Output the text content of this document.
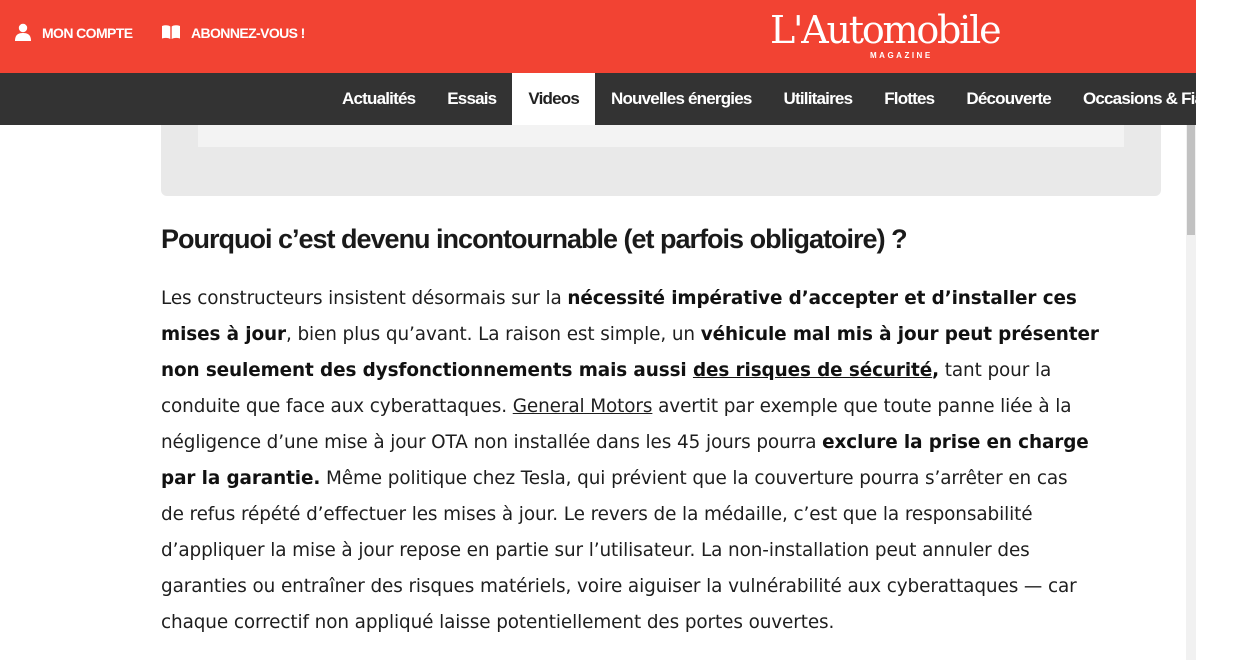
MON COMPTE	ABONNEZ-VOUS !	L'Automobile
MAGAZINE
Actualités	Essais	Videos	Nouvelles énergies	Utilitaires	Flottes	Découverte	Occasions & Fiabilité
Pourquoi c’est devenu incontournable (et parfois obligatoire) ?
Les constructeurs insistent désormais sur la nécessité impérative d’accepter et d’installer ces
mises à jour, bien plus qu’avant. La raison est simple, un véhicule mal mis à jour peut présenter
non seulement des dysfonctionnements mais aussi des risques de sécurité, tant pour la
conduite que face aux cyberattaques. General Motors avertit par exemple que toute panne liée à la
négligence d’une mise à jour OTA non installée dans les 45 jours pourra exclure la prise en charge
par la garantie. Même politique chez Tesla, qui prévient que la couverture pourra s’arrêter en cas
de refus répété d’effectuer les mises à jour. Le revers de la médaille, c’est que la responsabilité
d’appliquer la mise à jour repose en partie sur l’utilisateur. La non-installation peut annuler des
garanties ou entraîner des risques matériels, voire aiguiser la vulnérabilité aux cyberattaques — car
chaque correctif non appliqué laisse potentiellement des portes ouvertes.
